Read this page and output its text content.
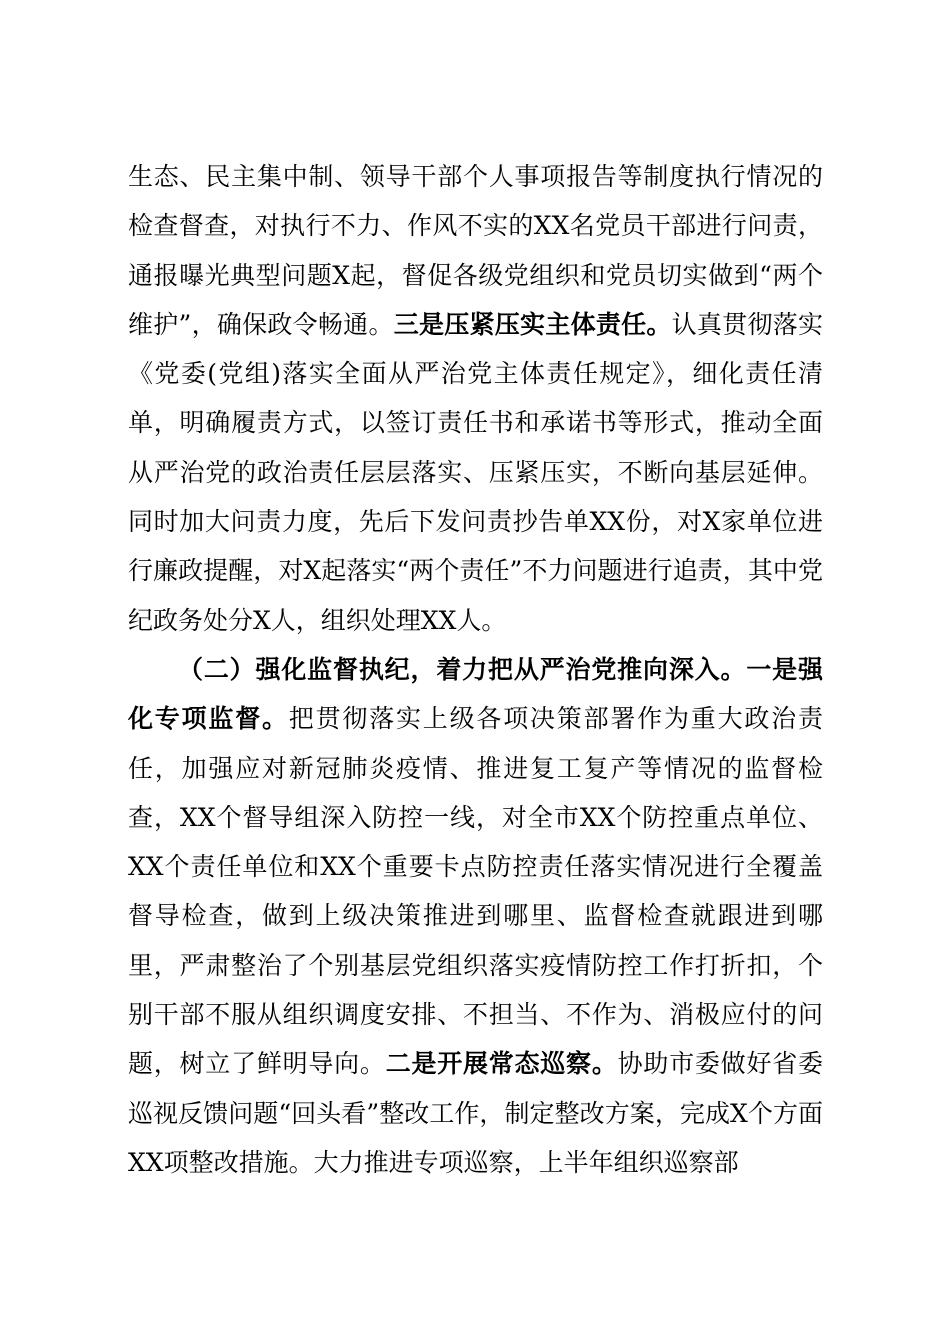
生态、民主集中制、领导干部个人事项报告等制度执行情况的检查督查，对执行不力、作风不实的XX名党员干部进行问责，通报曝光典型问题X起，督促各级党组织和党员切实做到“两个维护”，确保政令畅通。三是压紧压实主体责任。认真贯彻落实《党委(党组)落实全面从严治党主体责任规定》，细化责任清单，明确履责方式，以签订责任书和承诺书等形式，推动全面从严治党的政治责任层层落实、压紧压实，不断向基层延伸。同时加大问责力度，先后下发问责抄告单XX份，对X家单位进行廉政提醒，对X起落实“两个责任”不力问题进行追责，其中党纪政务处分X人，组织处理XX人。

（二）强化监督执纪，着力把从严治党推向深入。一是强化专项监督。把贯彻落实上级各项决策部署作为重大政治责任，加强应对新冠肺炎疫情、推进复工复产等情况的监督检查，XX个督导组深入防控一线，对全市XX个防控重点单位、XX个责任单位和XX个重要卡点防控责任落实情况进行全覆盖督导检查，做到上级决策推进到哪里、监督检查就跟进到哪里，严肃整治了个别基层党组织落实疫情防控工作打折扣，个别干部不服从组织调度安排、不担当、不作为、消极应付的问题，树立了鲜明导向。二是开展常态巡察。协助市委做好省委巡视反馈问题“回头看”整改工作，制定整改方案，完成X个方面XX项整改措施。大力推进专项巡察，上半年组织巡察部
